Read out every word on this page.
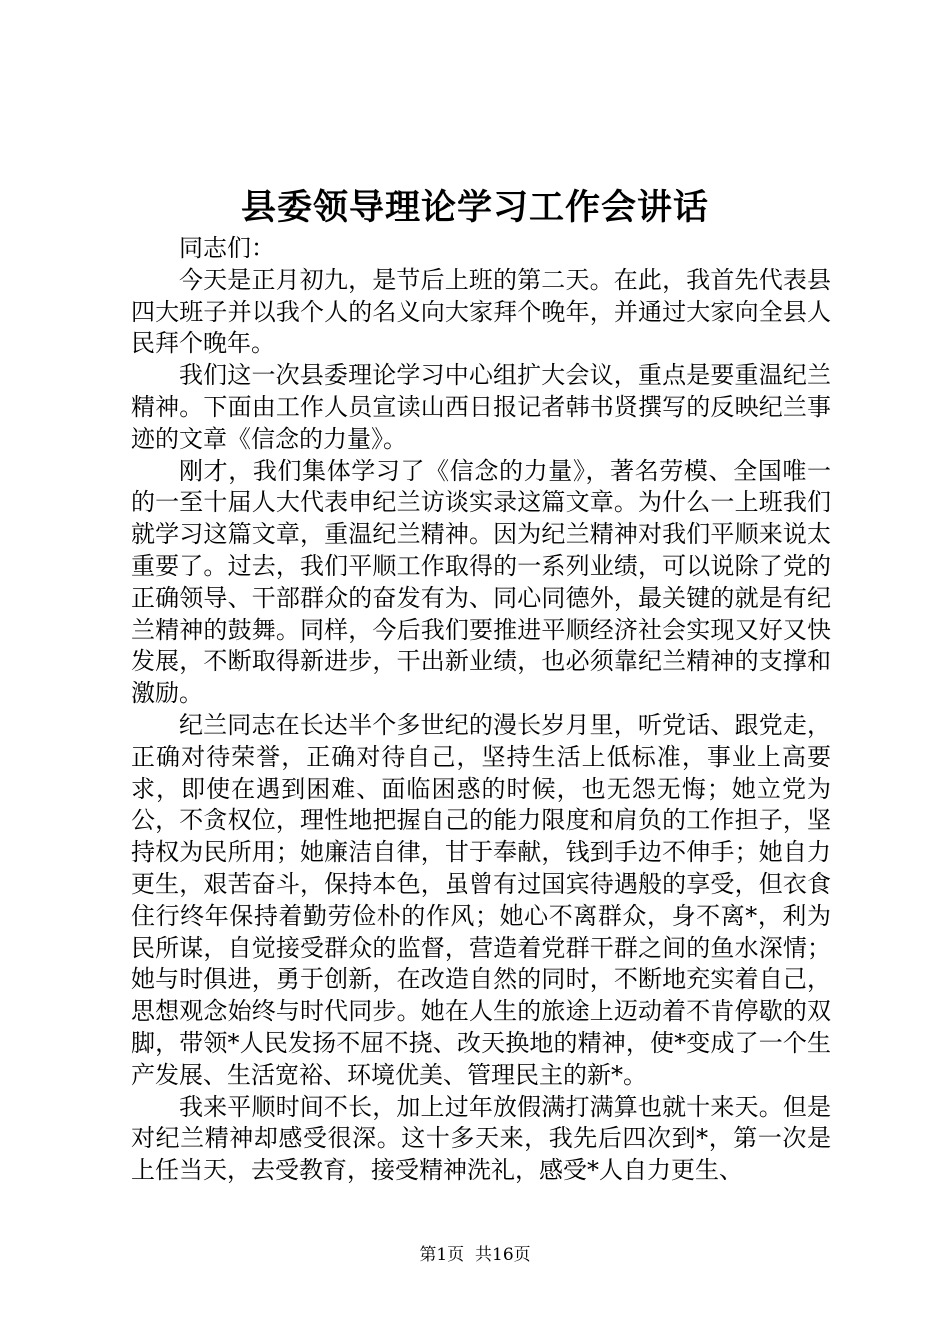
县委领导理论学习工作会讲话

同志们：

今天是正月初九，是节后上班的第二天。在此，我首先代表县四大班子并以我个人的名义向大家拜个晚年，并通过大家向全县人民拜个晚年。

我们这一次县委理论学习中心组扩大会议，重点是要重温纪兰精神。下面由工作人员宣读山西日报记者韩书贤撰写的反映纪兰事迹的文章《信念的力量》。

刚才，我们集体学习了《信念的力量》，著名劳模、全国唯一的一至十届人大代表申纪兰访谈实录这篇文章。为什么一上班我们就学习这篇文章，重温纪兰精神。因为纪兰精神对我们平顺来说太重要了。过去，我们平顺工作取得的一系列业绩，可以说除了党的正确领导、干部群众的奋发有为、同心同德外，最关键的就是有纪兰精神的鼓舞。同样，今后我们要推进平顺经济社会实现又好又快发展，不断取得新进步，干出新业绩，也必须靠纪兰精神的支撑和激励。

纪兰同志在长达半个多世纪的漫长岁月里，听党话、跟党走，正确对待荣誉，正确对待自己，坚持生活上低标准，事业上高要求，即使在遇到困难、面临困惑的时候，也无怨无悔；她立党为公，不贪权位，理性地把握自己的能力限度和肩负的工作担子，坚持权为民所用；她廉洁自律，甘于奉献，钱到手边不伸手；她自力更生，艰苦奋斗，保持本色，虽曾有过国宾待遇般的享受，但衣食住行终年保持着勤劳俭朴的作风；她心不离群众，身不离*，利为民所谋，自觉接受群众的监督，营造着党群干群之间的鱼水深情；她与时俱进，勇于创新，在改造自然的同时，不断地充实着自己，思想观念始终与时代同步。她在人生的旅途上迈动着不肯停歇的双脚，带领*人民发扬不屈不挠、改天换地的精神，使*变成了一个生产发展、生活宽裕、环境优美、管理民主的新*。

我来平顺时间不长，加上过年放假满打满算也就十来天。但是对纪兰精神却感受很深。这十多天来，我先后四次到*，第一次是上任当天，去受教育，接受精神洗礼，感受*人自力更生、

第1页 共16页
